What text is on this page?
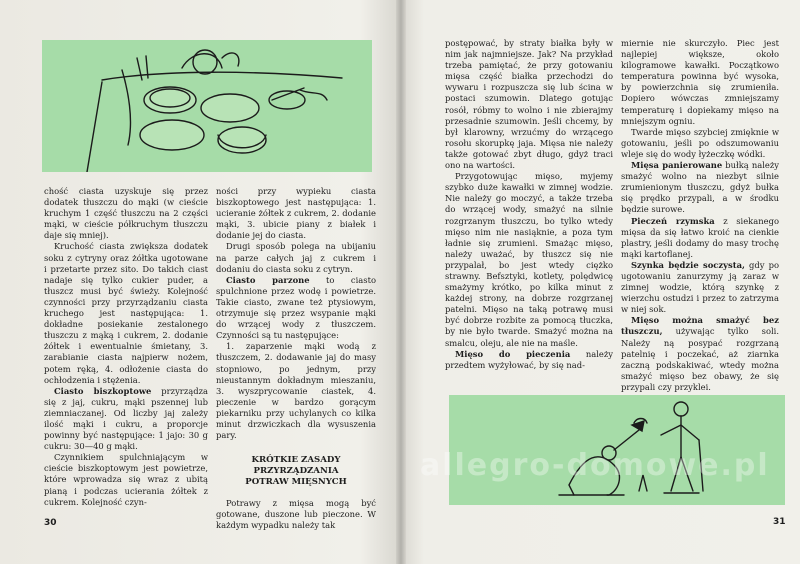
chość ciasta uzyskuje się przez dodatek tłuszczu do mąki (w cieście kruchym 1 część tłuszczu na 2 części mąki, w cieście półkruchym tłuszczu daje się mniej).

Kruchość ciasta zwiększa dodatek soku z cytryny oraz żółtka ugotowane i przetarte przez sito. Do takich ciast nadaje się tylko cukier puder, a tłuszcz musi być świeży. Kolejność czynności przy przyrządzaniu ciasta kruchego jest następująca: 1. dokładne posiekanie zestalonego tłuszczu z mąką i cukrem, 2. dodanie żółtek i ewentualnie śmietany, 3. zarabianie ciasta najpierw nożem, potem ręką, 4. odłożenie ciasta do ochłodzenia i stężenia.

Ciasto biszkoptowe przyrządza się z jaj, cukru, mąki pszennej lub ziemniaczanej. Od liczby jaj zależy ilość mąki i cukru, a proporcje powinny być następujące: 1 jajo: 30 g cukru: 30—40 g mąki.

Czynnikiem spulchniającym w cieście biszkoptowym jest powietrze, które wprowadza się wraz z ubitą pianą i podczas ucierania żółtek z cukrem. Kolejność czyn-

ności przy wypieku ciasta biszkoptowego jest następująca: 1. ucieranie żółtek z cukrem, 2. dodanie mąki, 3. ubicie piany z białek i dodanie jej do ciasta.

Drugi sposób polega na ubijaniu na parze całych jaj z cukrem i dodaniu do ciasta soku z cytryn.

Ciasto parzone to ciasto spulchnione przez wodę i powietrze. Takie ciasto, zwane też ptysiowym, otrzymuje się przez wsypanie mąki do wrzącej wody z tłuszczem. Czynności są tu następujące:

1. zaparzenie mąki wodą z tłuszczem, 2. dodawanie jaj do masy stopniowo, po jednym, przy nieustannym dokładnym mieszaniu, 3. wyszprycowanie ciastek, 4. pieczenie w bardzo gorącym piekarniku przy uchylanych co kilka minut drzwiczkach dla wysuszenia pary.

KRÓTKIE ZASADY
PRZYRZĄDZANIA
POTRAW MIĘSNYCH

Potrawy z mięsa mogą być gotowane, duszone lub pieczone. W każdym wypadku należy tak

30

postępować, by straty białka były w nim jak najmniejsze. Jak? Na przykład trzeba pamiętać, że przy gotowaniu mięsa część białka przechodzi do wywaru i rozpuszcza się lub ścina w postaci szumowin. Dlatego gotując rosół, róbmy to wolno i nie zbierajmy przesadnie szumowin. Jeśli chcemy, by był klarowny, wrzućmy do wrzącego rosołu skorupkę jaja. Mięsa nie należy także gotować zbyt długo, gdyż traci ono na wartości.

Przygotowując mięso, myjemy szybko duże kawałki w zimnej wodzie. Nie należy go moczyć, a także trzeba do wrzącej wody, smażyć na silnie rozgrzanym tłuszczu, bo tylko wtedy mięso nim nie nasiąknie, a poza tym ładnie się zrumieni. Smażąc mięso, należy uważać, by tłuszcz się nie przypalał, bo jest wtedy ciężko strawny. Befsztyki, kotlety, polędwicę smażymy krótko, po kilka minut z każdej strony, na dobrze rozgrzanej patelni. Mięso na taką potrawę musi być dobrze rozbite za pomocą tłuczka, by nie było twarde. Smażyć można na smalcu, oleju, ale nie na maśle.

Mięso do pieczenia należy przedtem wyżyłować, by się nad-

miernie nie skurczyło. Piec jest najlepiej większe, około kilogramowe kawałki. Początkowo temperatura powinna być wysoka, by powierzchnia się zrumieniła. Dopiero wówczas zmniejszamy temperaturę i dopiekamy mięso na mniejszym ogniu.

Twarde mięso szybciej zmięknie w gotowaniu, jeśli po odszumowaniu wleje się do wody łyżeczkę wódki.

Mięsa panierowane bułką należy smażyć wolno na niezbyt silnie zrumienionym tłuszczu, gdyż bułka się prędko przypali, a w środku będzie surowe.

Pieczeń rzymska z siekanego mięsa da się łatwo kroić na cienkie plastry, jeśli dodamy do masy trochę mąki kartoflanej.

Szynka będzie soczysta, gdy po ugotowaniu zanurzymy ją zaraz w zimnej wodzie, którą szynkę z wierzchu ostudzi i przez to zatrzyma w niej sok.

Mięso można smażyć bez tłuszczu, używając tylko soli. Należy ną posypać rozgrzaną patelnię i poczekać, aż ziarnka zaczną podskakiwać, wtedy można smażyć mięso bez obawy, że się przypali czy przyklei.

31
allegro-domowe.pl
